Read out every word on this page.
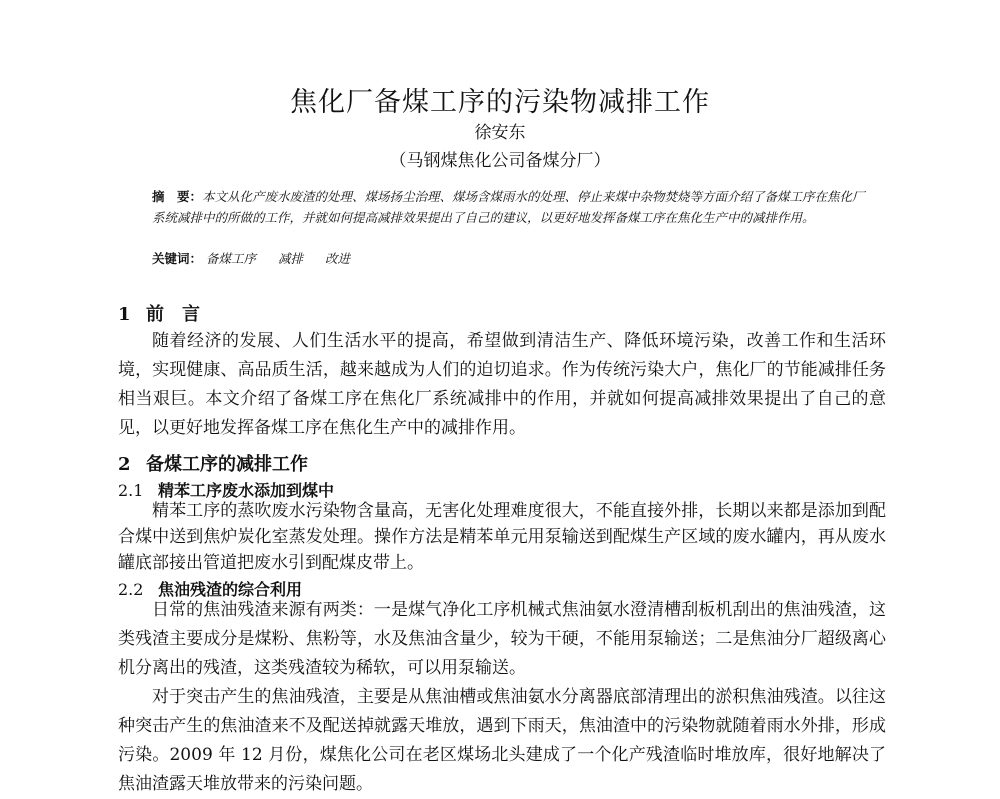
焦化厂备煤工序的污染物减排工作
徐安东
（马钢煤焦化公司备煤分厂）
摘　要：本文从化产废水废渣的处理、煤场扬尘治理、煤场含煤雨水的处理、停止来煤中杂物焚烧等方面介绍了备煤工序在焦化厂系统减排中的所做的工作，并就如何提高减排效果提出了自己的建议，以更好地发挥备煤工序在焦化生产中的减排作用。
关键词： 备煤工序 减排 改进
1 前　言
随着经济的发展、人们生活水平的提高，希望做到清洁生产、降低环境污染，改善工作和生活环境，实现健康、高品质生活，越来越成为人们的迫切追求。作为传统污染大户，焦化厂的节能减排任务相当艰巨。本文介绍了备煤工序在焦化厂系统减排中的作用，并就如何提高减排效果提出了自己的意见，以更好地发挥备煤工序在焦化生产中的减排作用。
2 备煤工序的减排工作
2.1 精苯工序废水添加到煤中
精苯工序的蒸吹废水污染物含量高，无害化处理难度很大，不能直接外排，长期以来都是添加到配合煤中送到焦炉炭化室蒸发处理。操作方法是精苯单元用泵输送到配煤生产区域的废水罐内，再从废水罐底部接出管道把废水引到配煤皮带上。
2.2 焦油残渣的综合利用
日常的焦油残渣来源有两类：一是煤气净化工序机械式焦油氨水澄清槽刮板机刮出的焦油残渣，这类残渣主要成分是煤粉、焦粉等，水及焦油含量少，较为干硬，不能用泵输送；二是焦油分厂超级离心机分离出的残渣，这类残渣较为稀软，可以用泵输送。
对于突击产生的焦油残渣，主要是从焦油槽或焦油氨水分离器底部清理出的淤积焦油残渣。以往这种突击产生的焦油渣来不及配送掉就露天堆放，遇到下雨天，焦油渣中的污染物就随着雨水外排，形成污染。2009 年 12 月份，煤焦化公司在老区煤场北头建成了一个化产残渣临时堆放库，很好地解决了焦油渣露天堆放带来的污染问题。
